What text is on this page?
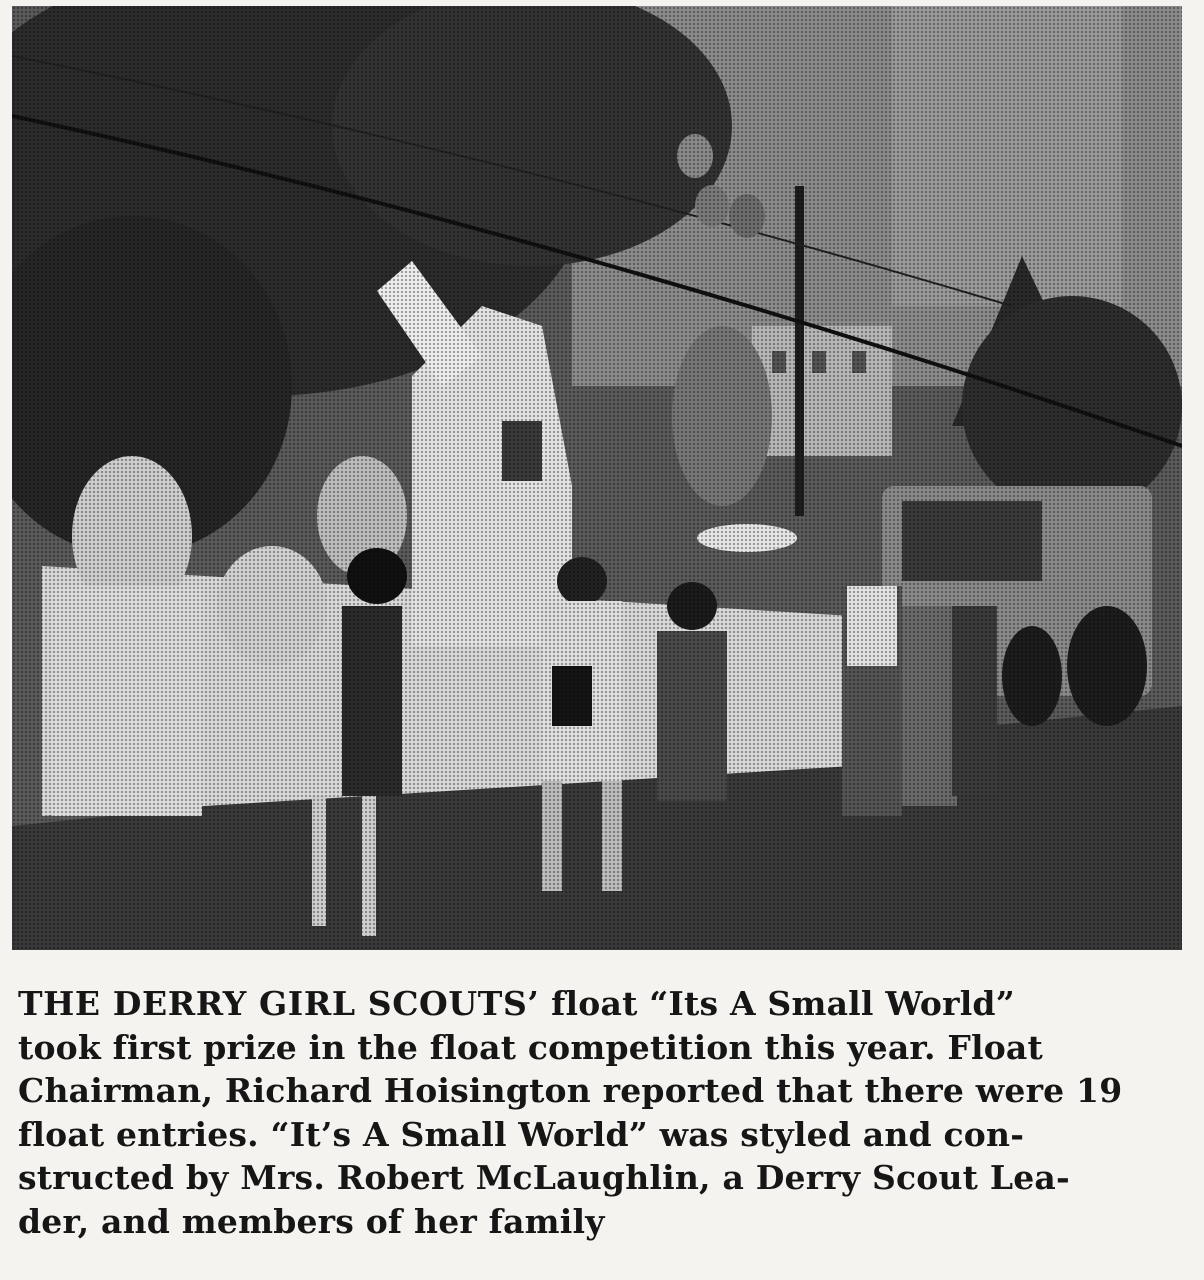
THE DERRY GIRL SCOUTS’ float “Its A Small World”
took first prize in the float competition this year. Float
Chairman, Richard Hoisington reported that there were 19
float entries. “It’s A Small World” was styled and con-
structed by Mrs. Robert McLaughlin, a Derry Scout Lea-
der, and members of her family
